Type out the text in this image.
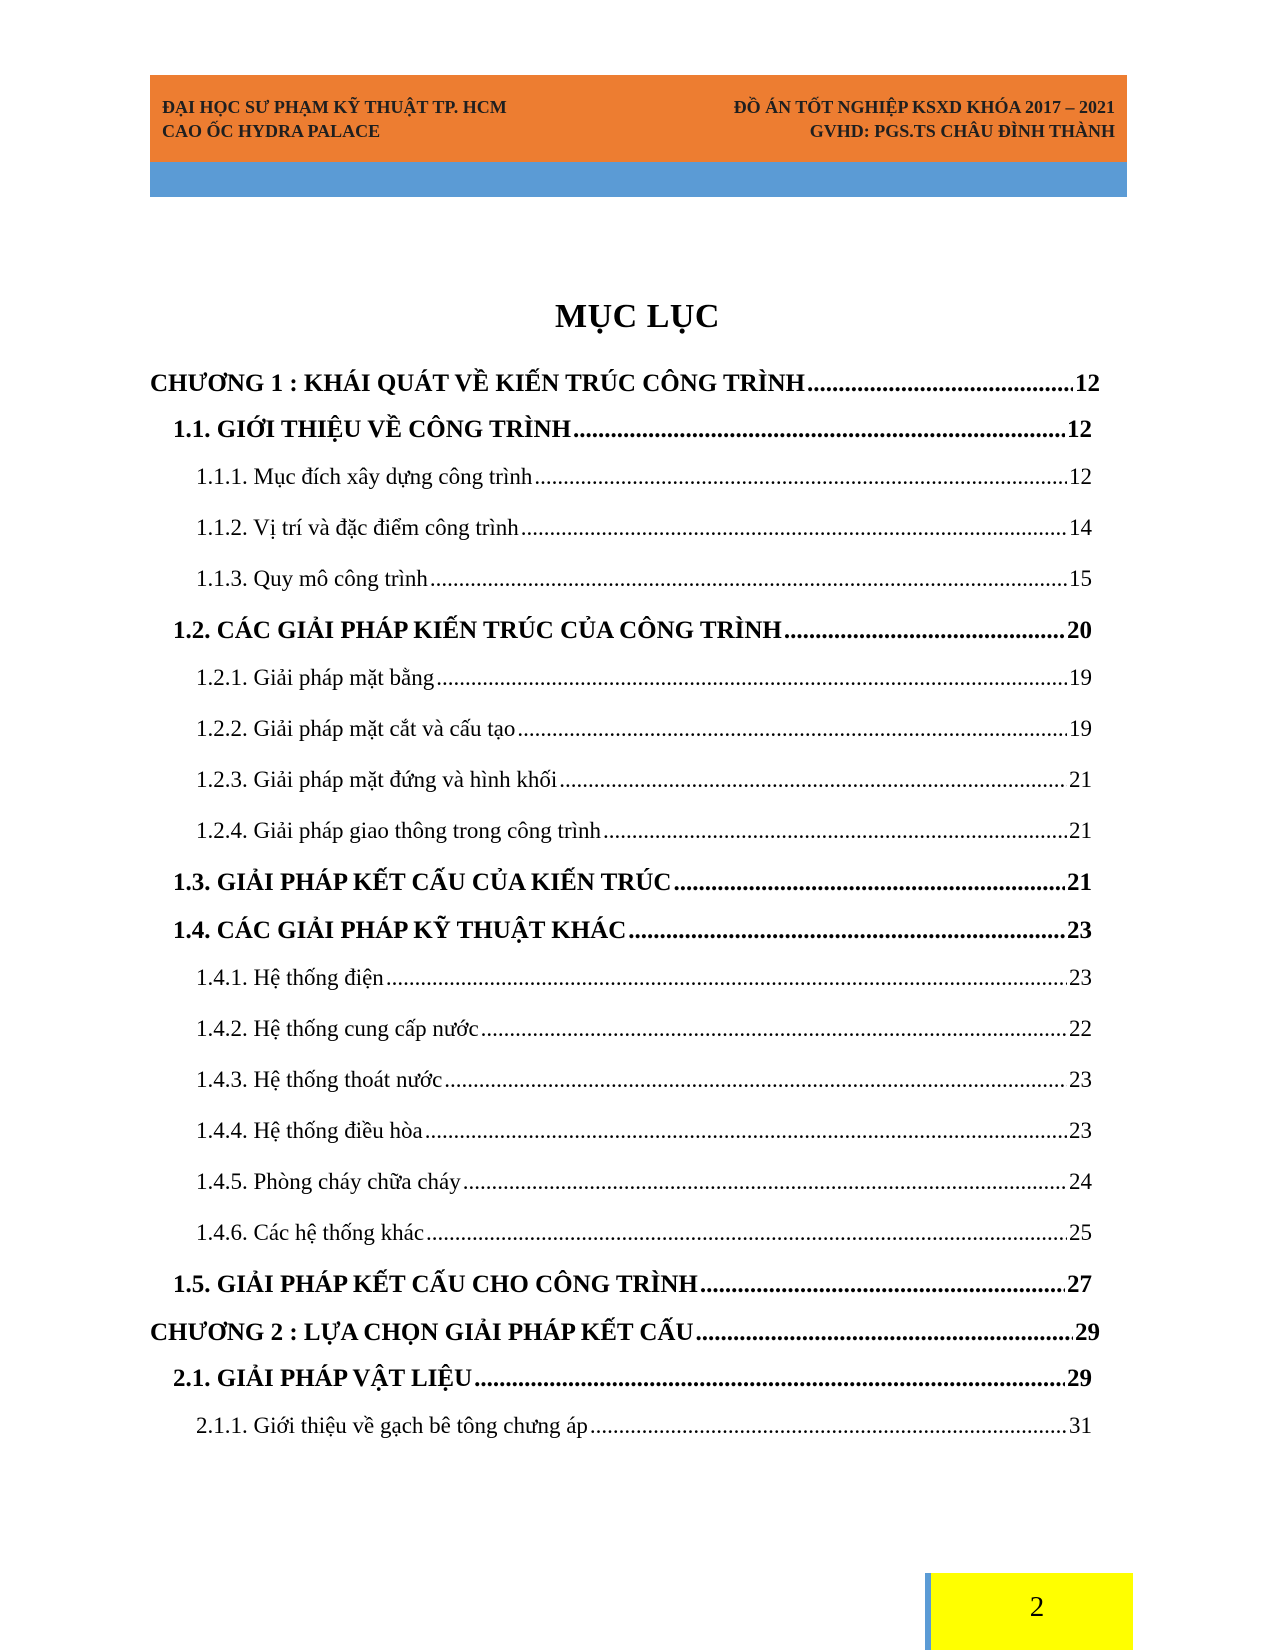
ĐẠI HỌC SƯ PHẠM KỸ THUẬT TP. HCM
CAO ỐC HYDRA PALACE
ĐỒ ÁN TỐT NGHIỆP KSXD KHÓA 2017 – 2021
GVHD: PGS.TS CHÂU ĐÌNH THÀNH
MỤC LỤC
CHƯƠNG 1 : KHÁI QUÁT VỀ KIẾN TRÚC CÔNG TRÌNH .....	12
1.1. GIỚI THIỆU VỀ CÔNG TRÌNH .....	12
1.1.1. Mục đích xây dựng công trình .....	12
1.1.2. Vị trí và đặc điểm công trình .....	14
1.1.3. Quy mô công trình .....	15
1.2. CÁC GIẢI PHÁP KIẾN TRÚC CỦA CÔNG TRÌNH .....	20
1.2.1. Giải pháp mặt bằng .....	19
1.2.2. Giải pháp mặt cắt và cấu tạo .....	19
1.2.3. Giải pháp mặt đứng và hình khối .....	21
1.2.4. Giải pháp giao thông trong công trình .....	21
1.3. GIẢI PHÁP KẾT CẤU CỦA KIẾN TRÚC .....	21
1.4. CÁC GIẢI PHÁP KỸ THUẬT KHÁC .....	23
1.4.1. Hệ thống điện .....	23
1.4.2. Hệ thống cung cấp nước .....	22
1.4.3. Hệ thống thoát nước .....	23
1.4.4. Hệ thống điều hòa .....	23
1.4.5. Phòng cháy chữa cháy .....	24
1.4.6. Các hệ thống khác .....	25
1.5. GIẢI PHÁP KẾT CẤU CHO CÔNG TRÌNH .....	27
CHƯƠNG 2 : LỰA CHỌN GIẢI PHÁP KẾT CẤU .....	29
2.1. GIẢI PHÁP VẬT LIỆU .....	29
2.1.1. Giới thiệu về gạch bê tông chưng áp .....	31
2
